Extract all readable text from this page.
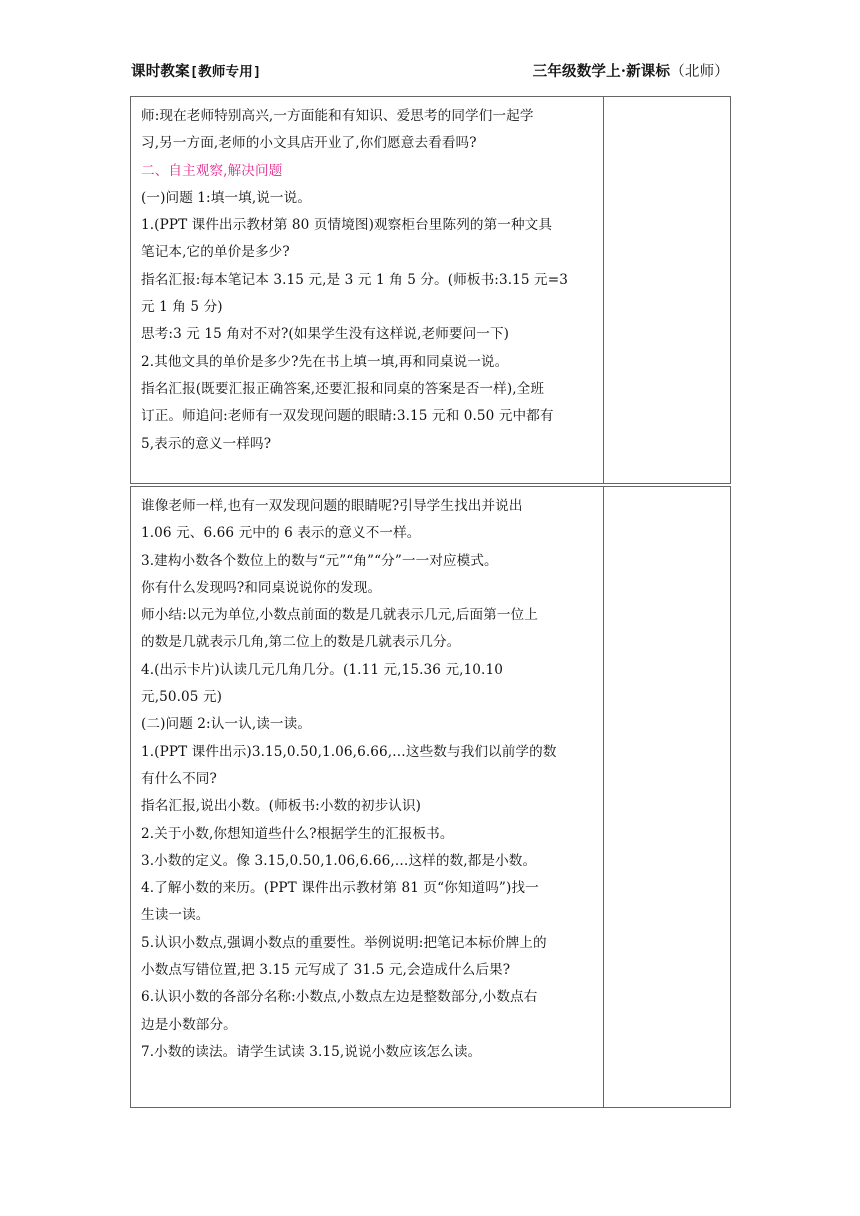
课时教案[教师专用]	三年级数学上·新课标（北师）
师:现在老师特别高兴,一方面能和有知识、爱思考的同学们一起学
习,另一方面,老师的小文具店开业了,你们愿意去看看吗?
二、自主观察,解决问题
(一)问题 1:填一填,说一说。
1.(PPT 课件出示教材第 80 页情境图)观察柜台里陈列的第一种文具
笔记本,它的单价是多少?
指名汇报:每本笔记本 3.15 元,是 3 元 1 角 5 分。(师板书:3.15 元=3
元 1 角 5 分)
思考:3 元 15 角对不对?(如果学生没有这样说,老师要问一下)
2.其他文具的单价是多少?先在书上填一填,再和同桌说一说。
指名汇报(既要汇报正确答案,还要汇报和同桌的答案是否一样),全班
订正。师追问:老师有一双发现问题的眼睛:3.15 元和 0.50 元中都有
5,表示的意义一样吗?
谁像老师一样,也有一双发现问题的眼睛呢?引导学生找出并说出
1.06 元、6.66 元中的 6 表示的意义不一样。
3.建构小数各个数位上的数与“元”“角”“分”一一对应模式。
你有什么发现吗?和同桌说说你的发现。
师小结:以元为单位,小数点前面的数是几就表示几元,后面第一位上
的数是几就表示几角,第二位上的数是几就表示几分。
4.(出示卡片)认读几元几角几分。(1.11 元,15.36 元,10.10
元,50.05 元)
(二)问题 2:认一认,读一读。
1.(PPT 课件出示)3.15,0.50,1.06,6.66,…这些数与我们以前学的数
有什么不同?
指名汇报,说出小数。(师板书:小数的初步认识)
2.关于小数,你想知道些什么?根据学生的汇报板书。
3.小数的定义。像 3.15,0.50,1.06,6.66,…这样的数,都是小数。
4.了解小数的来历。(PPT 课件出示教材第 81 页“你知道吗”)找一
生读一读。
5.认识小数点,强调小数点的重要性。举例说明:把笔记本标价牌上的
小数点写错位置,把 3.15 元写成了 31.5 元,会造成什么后果?
6.认识小数的各部分名称:小数点,小数点左边是整数部分,小数点右
边是小数部分。
7.小数的读法。请学生试读 3.15,说说小数应该怎么读。
